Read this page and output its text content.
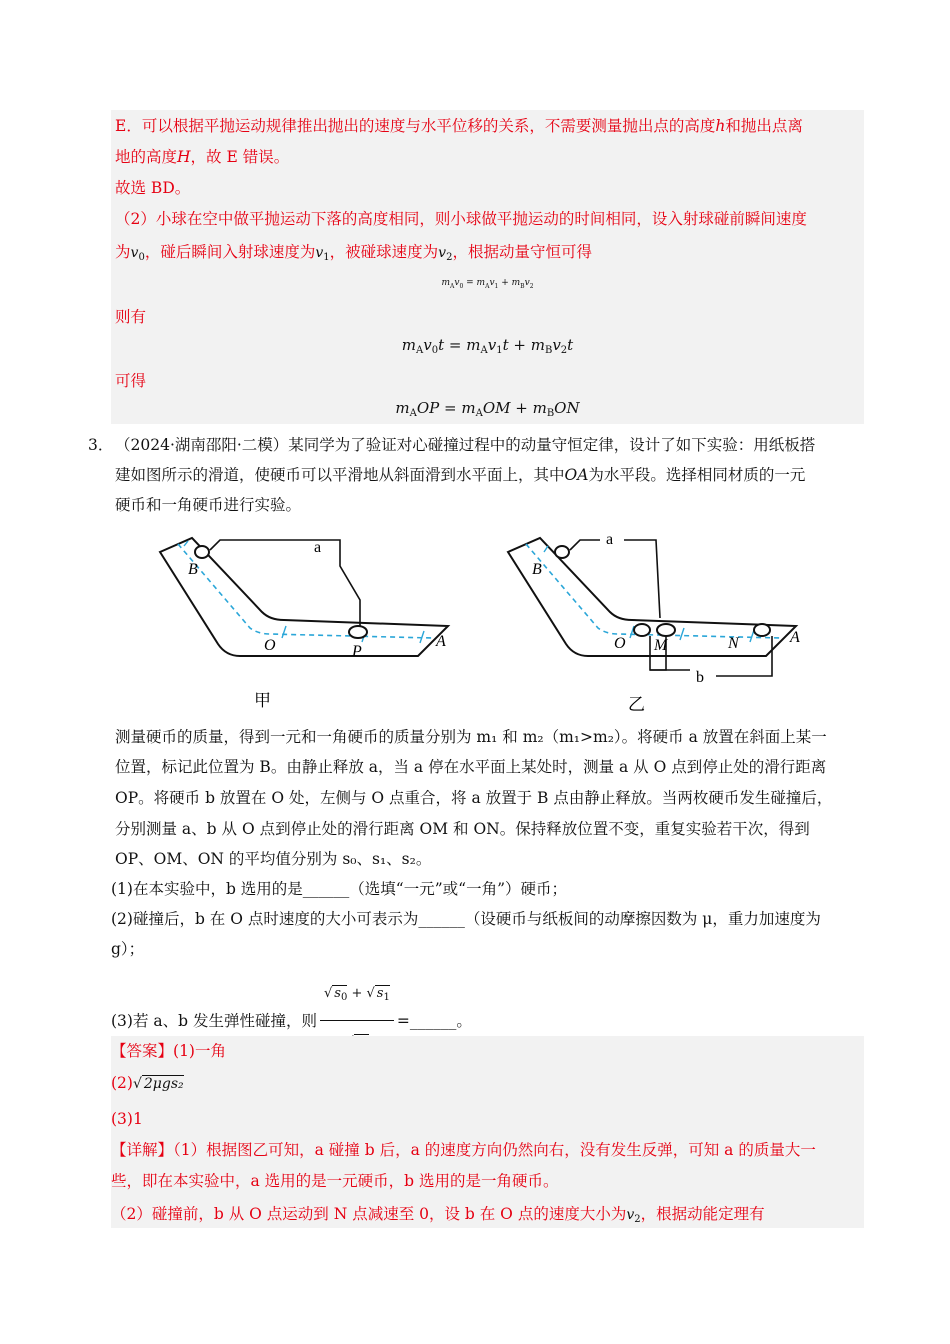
E．可以根据平抛运动规律推出抛出的速度与水平位移的关系，不需要测量抛出点的高度h和抛出点离
地的高度H，故 E 错误。
故选 BD。
（2）小球在空中做平抛运动下落的高度相同，则小球做平抛运动的时间相同，设入射球碰前瞬间速度
为$v_0$，碰后瞬间入射球速度为$v_1$，被碰球速度为$v_2$，根据动量守恒可得
$m_Av_0 = m_Av_1 + m_Bv_2$
则有
$m_Av_0t = m_Av_1t + m_Bv_2t$
可得
$m_AOP = m_AOM + m_BON$
3． （2024·湖南邵阳·二模）某同学为了验证对心碰撞过程中的动量守恒定律，设计了如下实验：用纸板搭
建如图所示的滑道，使硬币可以平滑地从斜面滑到水平面上，其中OA为水平段。选择相同材质的一元
硬币和一角硬币进行实验。
a
B
O	P
A
甲
a
b
B
O M	N	A
乙
测量硬币的质量，得到一元和一角硬币的质量分别为 m₁ 和 m₂（m₁>m₂）。将硬币 a 放置在斜面上某一
位置，标记此位置为 B。由静止释放 a，当 a 停在水平面上某处时，测量 a 从 O 点到停止处的滑行距离
OP。将硬币 b 放置在 O 处，左侧与 O 点重合，将 a 放置于 B 点由静止释放。当两枚硬币发生碰撞后，
分别测量 a、b 从 O 点到停止处的滑行距离 OM 和 ON。保持释放位置不变，重复实验若干次，得到
OP、OM、ON 的平均值分别为 s₀、s₁、s₂。
(1)在本实验中，b 选用的是______（选填“一元”或“一角”）硬币；
(2)碰撞后，b 在 O 点时速度的大小可表示为______（设硬币与纸板间的动摩擦因数为 μ，重力加速度为
g）；
(3)若 a、b 发生弹性碰撞，则
√ $s_0$ + √ $s_1$
=______。
【答案】(1)一角
(2)√ 2μgs₂
(3)1
【详解】（1）根据图乙可知，a 碰撞 b 后，a 的速度方向仍然向右，没有发生反弹，可知 a 的质量大一
些，即在本实验中，a 选用的是一元硬币，b 选用的是一角硬币。
（2）碰撞前，b 从 O 点运动到 N 点减速至 0，设 b 在 O 点的速度大小为$v_2$，根据动能定理有
